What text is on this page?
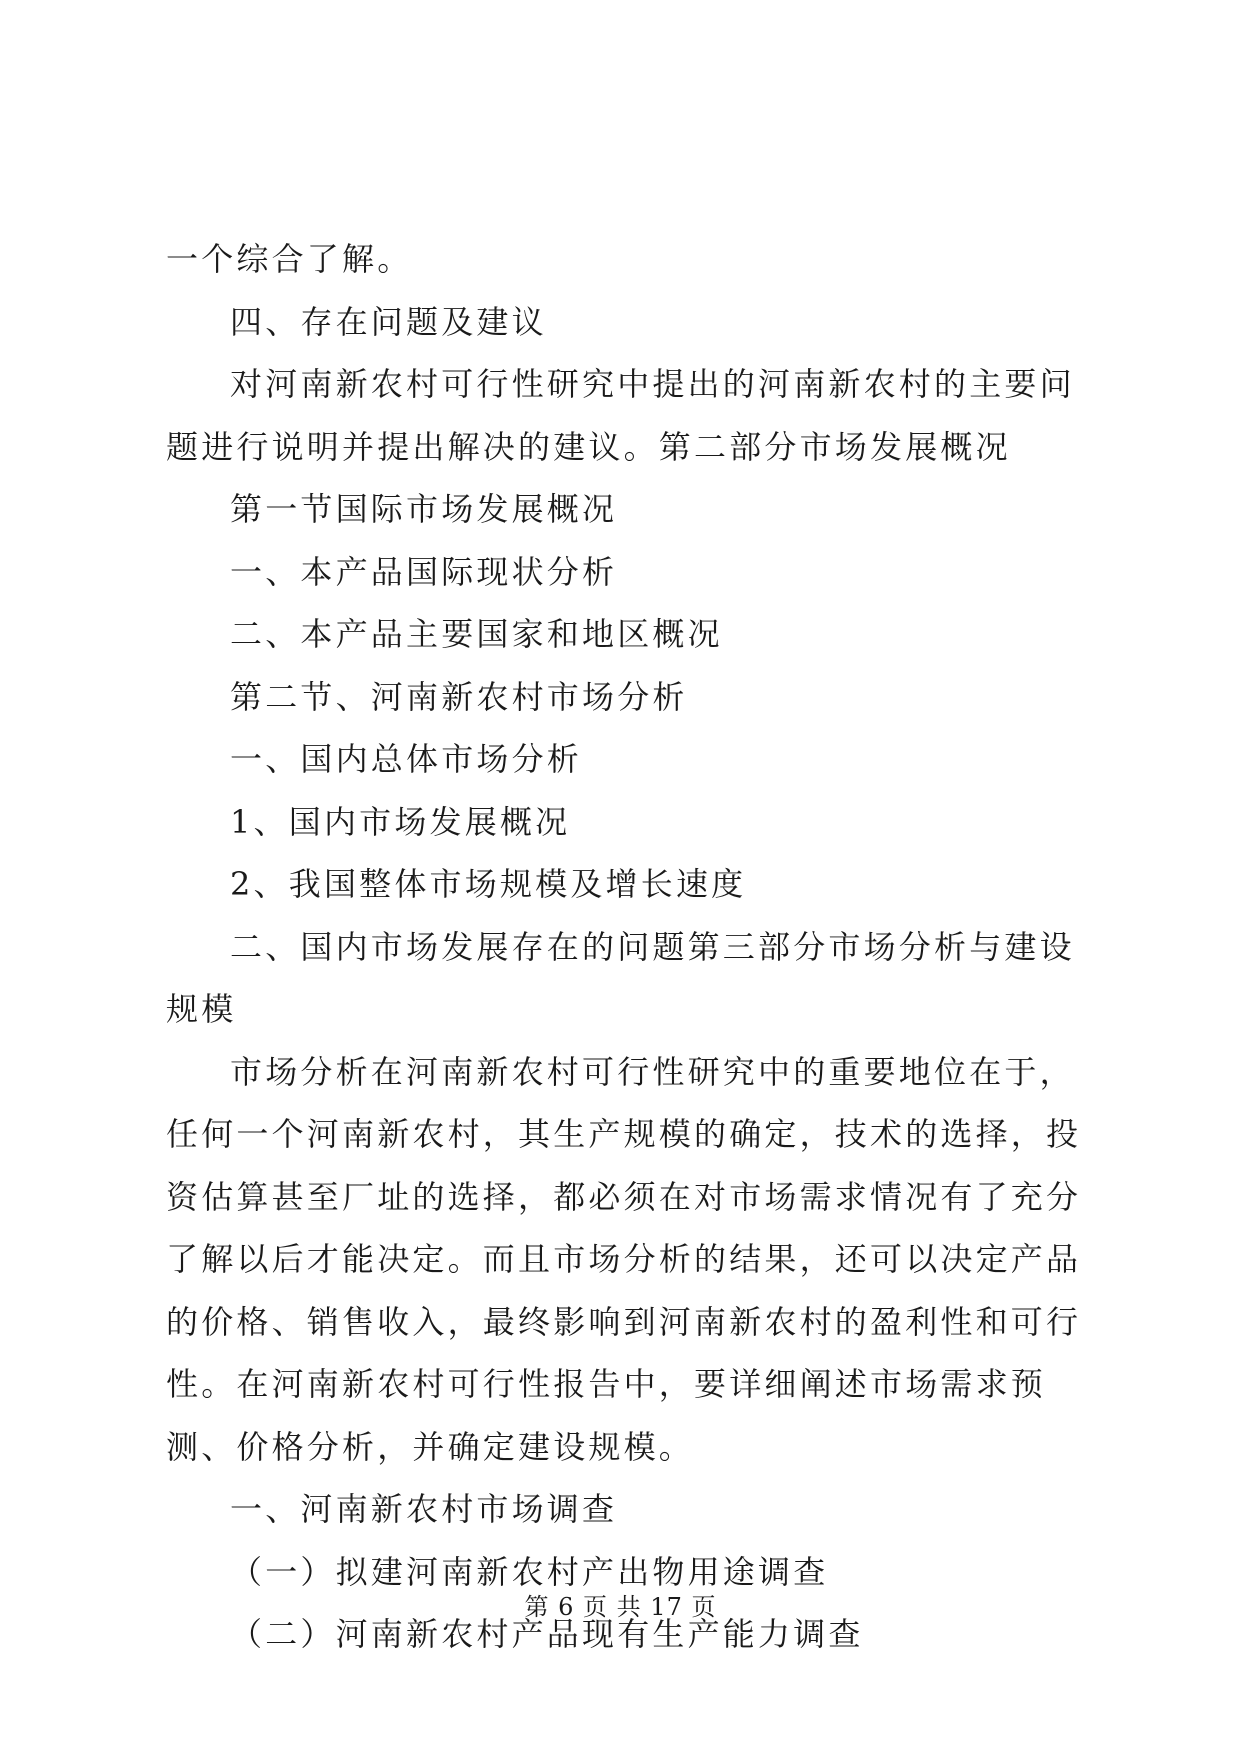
一个综合了解。

四、存在问题及建议

对河南新农村可行性研究中提出的河南新农村的主要问题进行说明并提出解决的建议。第二部分市场发展概况

第一节国际市场发展概况

一、本产品国际现状分析

二、本产品主要国家和地区概况

第二节、河南新农村市场分析

一、国内总体市场分析

1、国内市场发展概况

2、我国整体市场规模及增长速度

二、国内市场发展存在的问题第三部分市场分析与建设规模

市场分析在河南新农村可行性研究中的重要地位在于，任何一个河南新农村，其生产规模的确定，技术的选择，投资估算甚至厂址的选择，都必须在对市场需求情况有了充分了解以后才能决定。而且市场分析的结果，还可以决定产品的价格、销售收入，最终影响到河南新农村的盈利性和可行性。在河南新农村可行性报告中，要详细阐述市场需求预测、价格分析，并确定建设规模。

一、河南新农村市场调查

（一）拟建河南新农村产出物用途调查

（二）河南新农村产品现有生产能力调查

第 6 页 共 17 页
